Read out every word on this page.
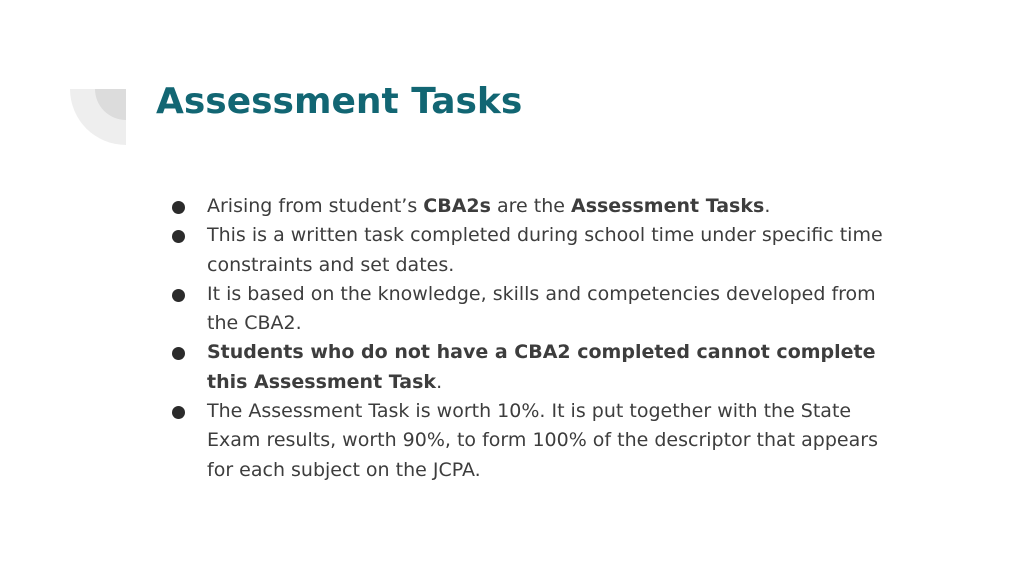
Assessment Tasks
Arising from student’s CBA2s are the Assessment Tasks.
This is a written task completed during school time under specific time constraints and set dates.
It is based on the knowledge, skills and competencies developed from the CBA2.
Students who do not have a CBA2 completed cannot complete this Assessment Task.
The Assessment Task is worth 10%. It is put together with the State Exam results, worth 90%, to form 100% of the descriptor that appears for each subject on the JCPA.
